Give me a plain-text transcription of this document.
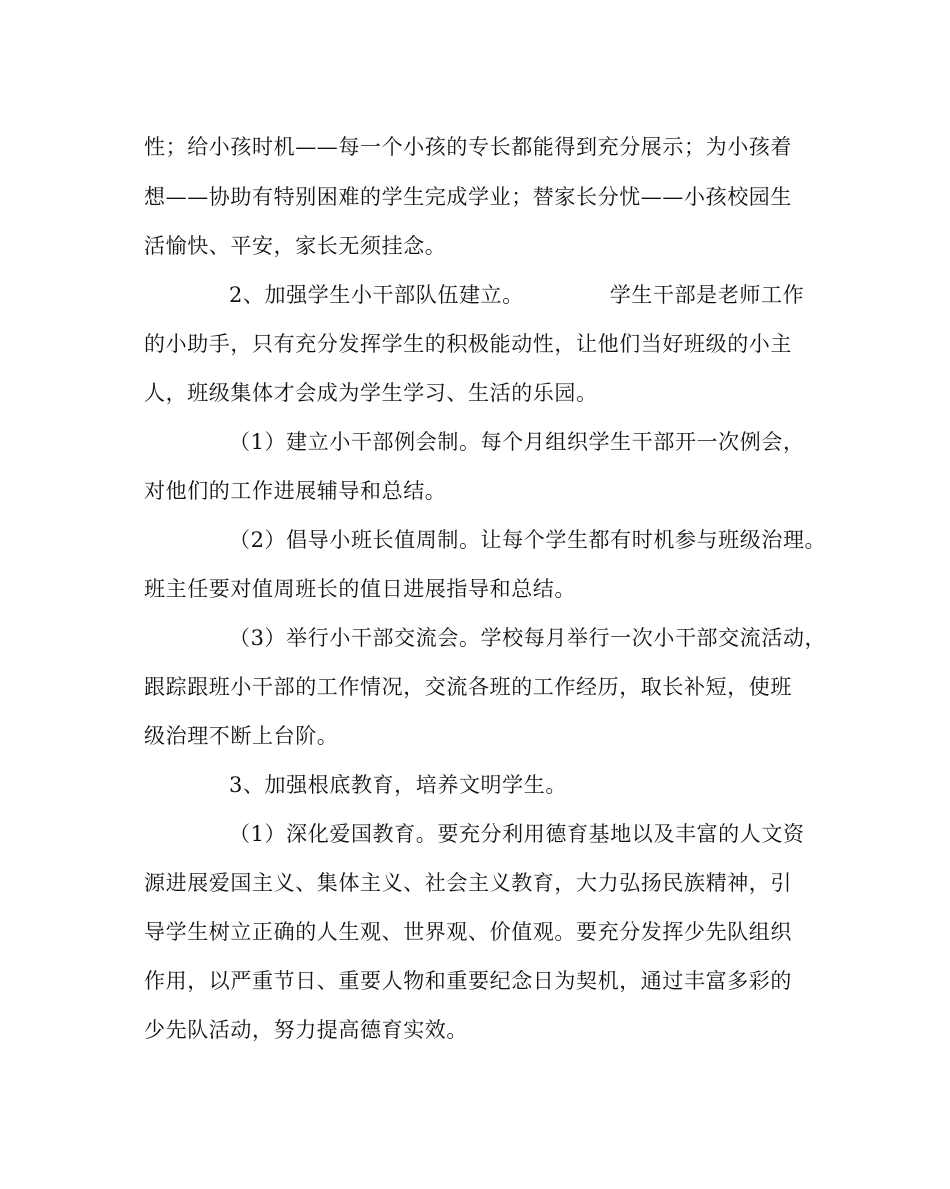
性；给小孩时机——每一个小孩的专长都能得到充分展示；为小孩着
想——协助有特别困难的学生完成学业；替家长分忧——小孩校园生
活愉快、平安，家长无须挂念。
2、加强学生小干部队伍建立。	学生干部是老师工作
的小助手，只有充分发挥学生的积极能动性，让他们当好班级的小主
人，班级集体才会成为学生学习、生活的乐园。
（1）建立小干部例会制。每个月组织学生干部开一次例会，
对他们的工作进展辅导和总结。
（2）倡导小班长值周制。让每个学生都有时机参与班级治理。
班主任要对值周班长的值日进展指导和总结。
（3）举行小干部交流会。学校每月举行一次小干部交流活动，
跟踪跟班小干部的工作情况，交流各班的工作经历，取长补短，使班
级治理不断上台阶。
3、加强根底教育，培养文明学生。
（1）深化爱国教育。要充分利用德育基地以及丰富的人文资
源进展爱国主义、集体主义、社会主义教育，大力弘扬民族精神，引
导学生树立正确的人生观、世界观、价值观。要充分发挥少先队组织
作用，以严重节日、重要人物和重要纪念日为契机，通过丰富多彩的
少先队活动，努力提高德育实效。
